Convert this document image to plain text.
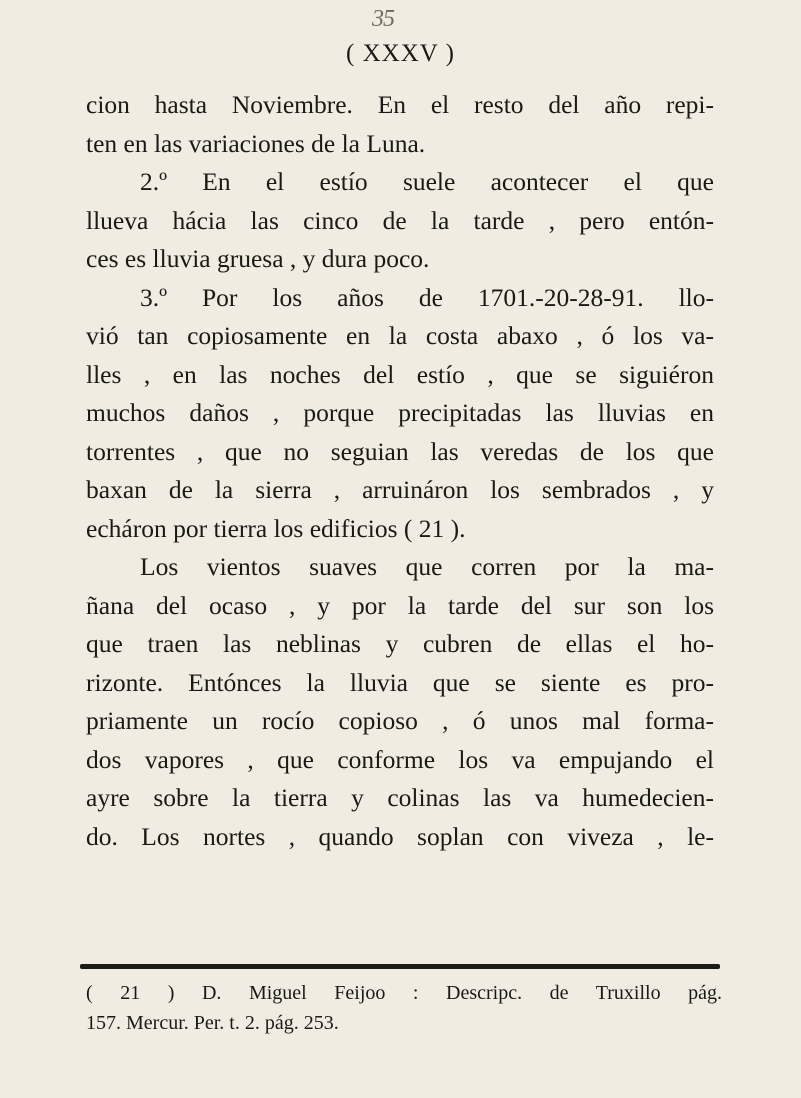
35
( XXXV )
cion hasta Noviembre. En el resto del año repi-
ten en las variaciones de la Luna.
2.º En el estío suele acontecer el que
llueva hácia las cinco de la tarde , pero entón-
ces es lluvia gruesa , y dura poco.
3.º Por los años de 1701.-20-28-91. llo-
vió tan copiosamente en la costa abaxo , ó los va-
lles , en las noches del estío , que se siguiéron
muchos daños , porque precipitadas las lluvias en
torrentes , que no seguian las veredas de los que
baxan de la sierra , arruináron los sembrados , y
echáron por tierra los edificios ( 21 ).
Los vientos suaves que corren por la ma-
ñana del ocaso , y por la tarde del sur son los
que traen las neblinas y cubren de ellas el ho-
rizonte. Entónces la lluvia que se siente es pro-
priamente un rocío copioso , ó unos mal forma-
dos vapores , que conforme los va empujando el
ayre sobre la tierra y colinas las va humedecien-
do. Los nortes , quando soplan con viveza , le-
( 21 ) D. Miguel Feijoo : Descripc. de Truxillo pág.
157. Mercur. Per. t. 2. pág. 253.
